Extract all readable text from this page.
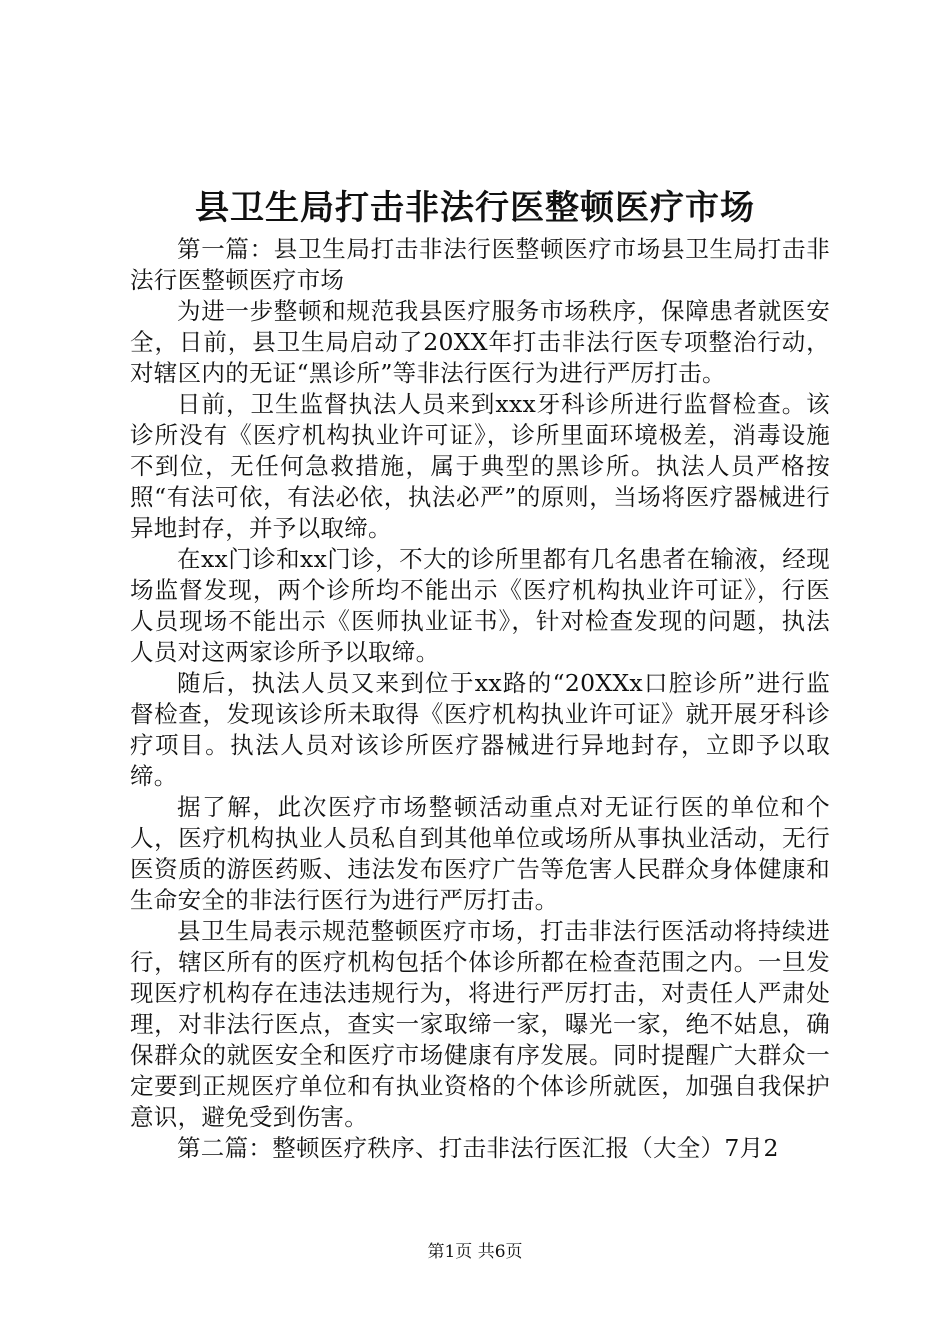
县卫生局打击非法行医整顿医疗市场

第一篇：县卫生局打击非法行医整顿医疗市场县卫生局打击非法行医整顿医疗市场

为进一步整顿和规范我县医疗服务市场秩序，保障患者就医安全，日前，县卫生局启动了20XX年打击非法行医专项整治行动，对辖区内的无证“黑诊所”等非法行医行为进行严厉打击。

日前，卫生监督执法人员来到xxx牙科诊所进行监督检查。该诊所没有《医疗机构执业许可证》，诊所里面环境极差，消毒设施不到位，无任何急救措施，属于典型的黑诊所。执法人员严格按照“有法可依，有法必依，执法必严”的原则，当场将医疗器械进行异地封存，并予以取缔。

在xx门诊和xx门诊，不大的诊所里都有几名患者在输液，经现场监督发现，两个诊所均不能出示《医疗机构执业许可证》，行医人员现场不能出示《医师执业证书》，针对检查发现的问题，执法人员对这两家诊所予以取缔。

随后，执法人员又来到位于xx路的“20XXx口腔诊所”进行监督检查，发现该诊所未取得《医疗机构执业许可证》就开展牙科诊疗项目。执法人员对该诊所医疗器械进行异地封存，立即予以取缔。

据了解，此次医疗市场整顿活动重点对无证行医的单位和个人，医疗机构执业人员私自到其他单位或场所从事执业活动，无行医资质的游医药贩、违法发布医疗广告等危害人民群众身体健康和生命安全的非法行医行为进行严厉打击。

县卫生局表示规范整顿医疗市场，打击非法行医活动将持续进行，辖区所有的医疗机构包括个体诊所都在检查范围之内。一旦发现医疗机构存在违法违规行为，将进行严厉打击，对责任人严肃处理，对非法行医点，查实一家取缔一家，曝光一家，绝不姑息，确保群众的就医安全和医疗市场健康有序发展。同时提醒广大群众一定要到正规医疗单位和有执业资格的个体诊所就医，加强自我保护意识，避免受到伤害。

第二篇：整顿医疗秩序、打击非法行医汇报（大全）7月2

第1页 共6页
